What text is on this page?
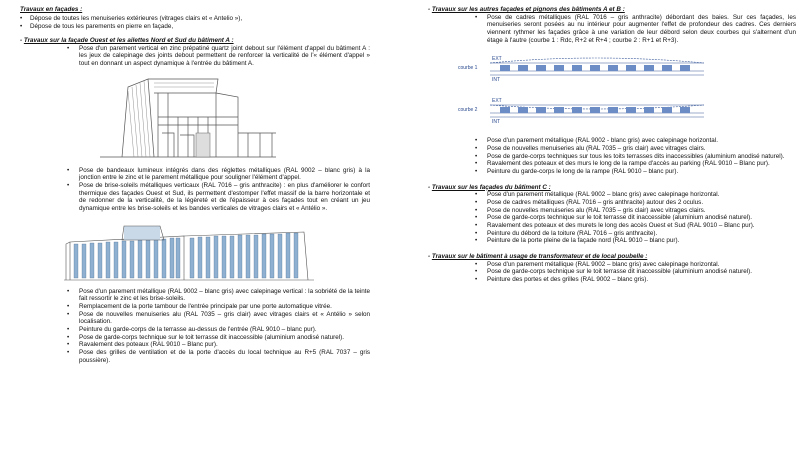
Travaux en façades :
• Dépose de toutes les menuiseries extérieures (vitrages clairs et « Antelio »),
• Dépose de tous les parements en pierre en façade,
- Travaux sur la façade Ouest et les ailettes Nord et Sud du bâtiment A :
• Pose d'un parement vertical en zinc prépatiné quartz joint debout sur l'élément d'appel du bâtiment A : les jeux de calepinage des joints debout permettent de renforcer la verticalité de l'« élément d'appel » tout en donnant un aspect dynamique à l'entrée du bâtiment A.
• Pose de bandeaux lumineux intégrés dans des réglettes métalliques (RAL 9002 – blanc gris) à la jonction entre le zinc et le parement métallique pour souligner l'élément d'appel.
• Pose de brise-soleils métalliques verticaux (RAL 7016 – gris anthracite) : en plus d'améliorer le confort thermique des façades Ouest et Sud, ils permettent d'estomper l'effet massif de la barre horizontale et de redonner de la verticalité, de la légèreté et de l'épaisseur à ces façades tout en créant un jeu dynamique entre les brise-soleils et les bandes verticales de vitrages clairs et « Antélio ».
• Pose d'un parement métallique (RAL 9002 – blanc gris) avec calepinage vertical : la sobriété de la teinte fait ressortir le zinc et les brise-soleils.
• Remplacement de la porte tambour de l'entrée principale par une porte automatique vitrée.
• Pose de nouvelles menuiseries alu (RAL 7035 – gris clair) avec vitrages clairs et « Antélio » selon localisation.
• Peinture du garde-corps de la terrasse au-dessus de l'entrée (RAL 9010 – blanc pur).
• Pose de garde-corps technique sur le toit terrasse dit inaccessible (aluminium anodisé naturel).
• Ravalement des poteaux (RAL 9010 – Blanc pur).
• Pose des grilles de ventilation et de la porte d'accès du local technique au R+5 (RAL 7037 – gris poussière).
- Travaux sur les autres façades et pignons des bâtiments A et B :
• Pose de cadres métalliques (RAL 7016 – gris anthracite) débordant des baies. Sur ces façades, les menuiseries seront posées au nu intérieur pour augmenter l'effet de profondeur des cadres. Ces derniers viennent rythmer les façades grâce à une variation de leur débord selon deux courbes qui s'alternent d'un étage à l'autre (courbe 1 : Rdc, R+2 et R+4 ; courbe 2 : R+1 et R+3).
courbe 1
courbe 2
EXT
INT
EXT
INT
• Pose d'un parement métallique (RAL 9002 - blanc gris) avec calepinage horizontal.
• Pose de nouvelles menuiseries alu (RAL 7035 – gris clair) avec vitrages clairs.
• Pose de garde-corps techniques sur tous les toits terrasses dits inaccessibles (aluminium anodisé naturel).
• Ravalement des poteaux et des murs le long de la rampe d'accès au parking (RAL 9010 – Blanc pur).
• Peinture du garde-corps le long de la rampe (RAL 9010 – blanc pur).
- Travaux sur les façades du bâtiment C :
• Pose d'un parement métallique (RAL 9002 – blanc gris) avec calepinage horizontal.
• Pose de cadres métalliques (RAL 7016 – gris anthracite) autour des 2 oculus.
• Pose de nouvelles menuiseries alu (RAL 7035 – gris clair) avec vitrages clairs.
• Pose de garde-corps technique sur le toit terrasse dit inaccessible (aluminium anodisé naturel).
• Ravalement des poteaux et des murets le long des accès Ouest et Sud (RAL 9010 – Blanc pur).
• Peinture du débord de la toiture (RAL 7016 – gris anthracite).
• Peinture de la porte pleine de la façade nord (RAL 9010 – blanc pur).
- Travaux sur le bâtiment à usage de transformateur et de local poubelle :
• Pose d'un parement métallique (RAL 9002 – blanc gris) avec calepinage horizontal.
• Pose de garde-corps technique sur le toit terrasse dit inaccessible (aluminium anodisé naturel).
• Peinture des portes et des grilles (RAL 9002 – blanc gris).
